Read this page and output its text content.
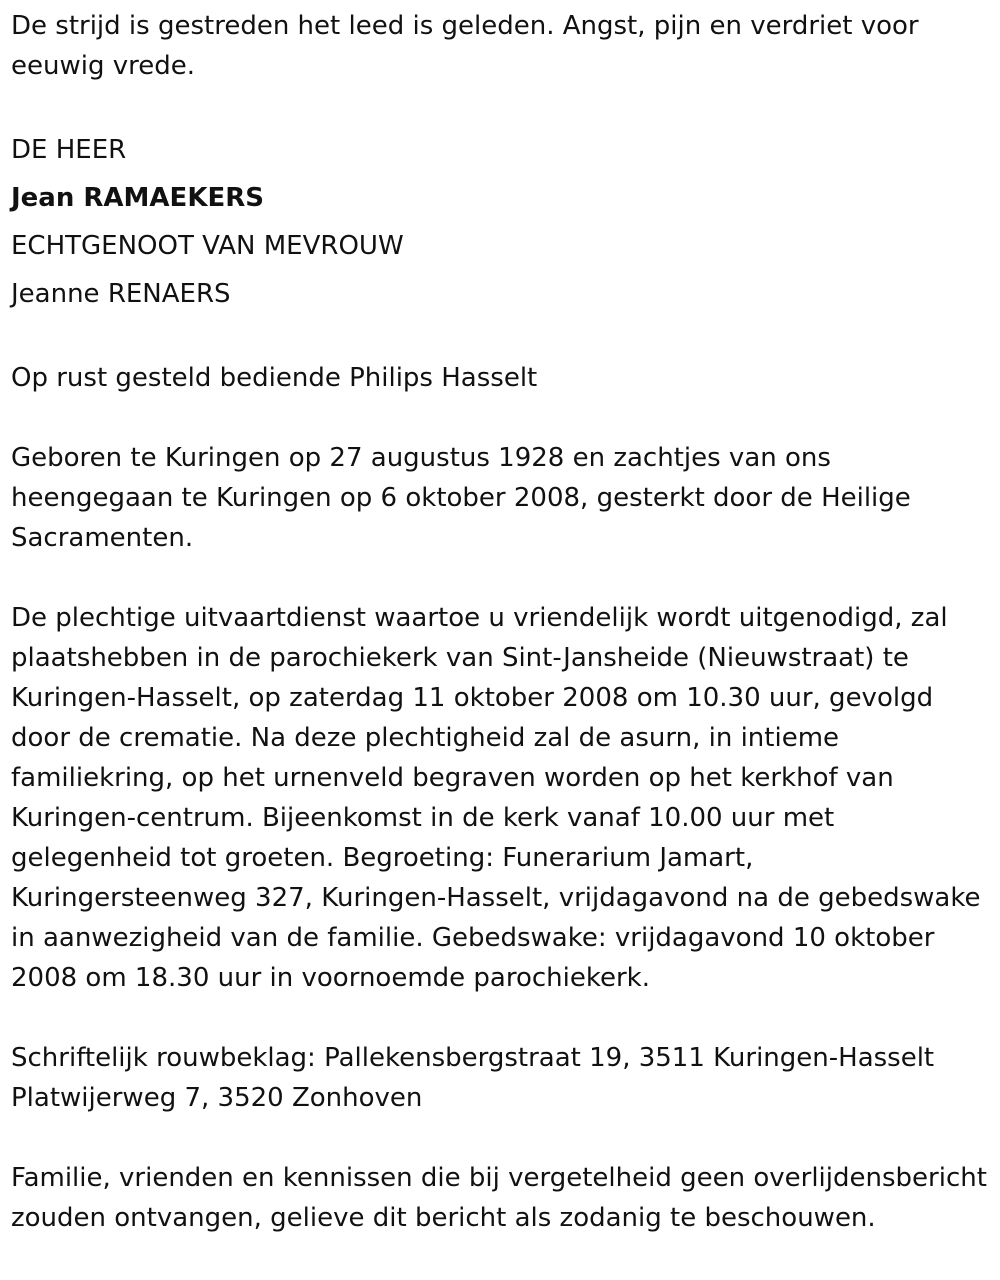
De strijd is gestreden het leed is geleden. Angst, pijn en verdriet voor eeuwig vrede.

DE HEER
Jean RAMAEKERS
ECHTGENOOT VAN MEVROUW
Jeanne RENAERS

Op rust gesteld bediende Philips Hasselt

Geboren te Kuringen op 27 augustus 1928 en zachtjes van ons heengegaan te Kuringen op 6 oktober 2008, gesterkt door de Heilige Sacramenten.

De plechtige uitvaartdienst waartoe u vriendelijk wordt uitgenodigd, zal plaatshebben in de parochiekerk van Sint-Jansheide (Nieuwstraat) te Kuringen-Hasselt, op zaterdag 11 oktober 2008 om 10.30 uur, gevolgd door de crematie. Na deze plechtigheid zal de asurn, in intieme familiekring, op het urnenveld begraven worden op het kerkhof van Kuringen-centrum. Bijeenkomst in de kerk vanaf 10.00 uur met gelegenheid tot groeten. Begroeting: Funerarium Jamart, Kuringersteenweg 327, Kuringen-Hasselt, vrijdagavond na de gebedswake in aanwezigheid van de familie. Gebedswake: vrijdagavond 10 oktober 2008 om 18.30 uur in voornoemde parochiekerk.

Schriftelijk rouwbeklag: Pallekensbergstraat 19, 3511 Kuringen-Hasselt
Platwijerweg 7, 3520 Zonhoven

Familie, vrienden en kennissen die bij vergetelheid geen overlijdensbericht zouden ontvangen, gelieve dit bericht als zodanig te beschouwen.
